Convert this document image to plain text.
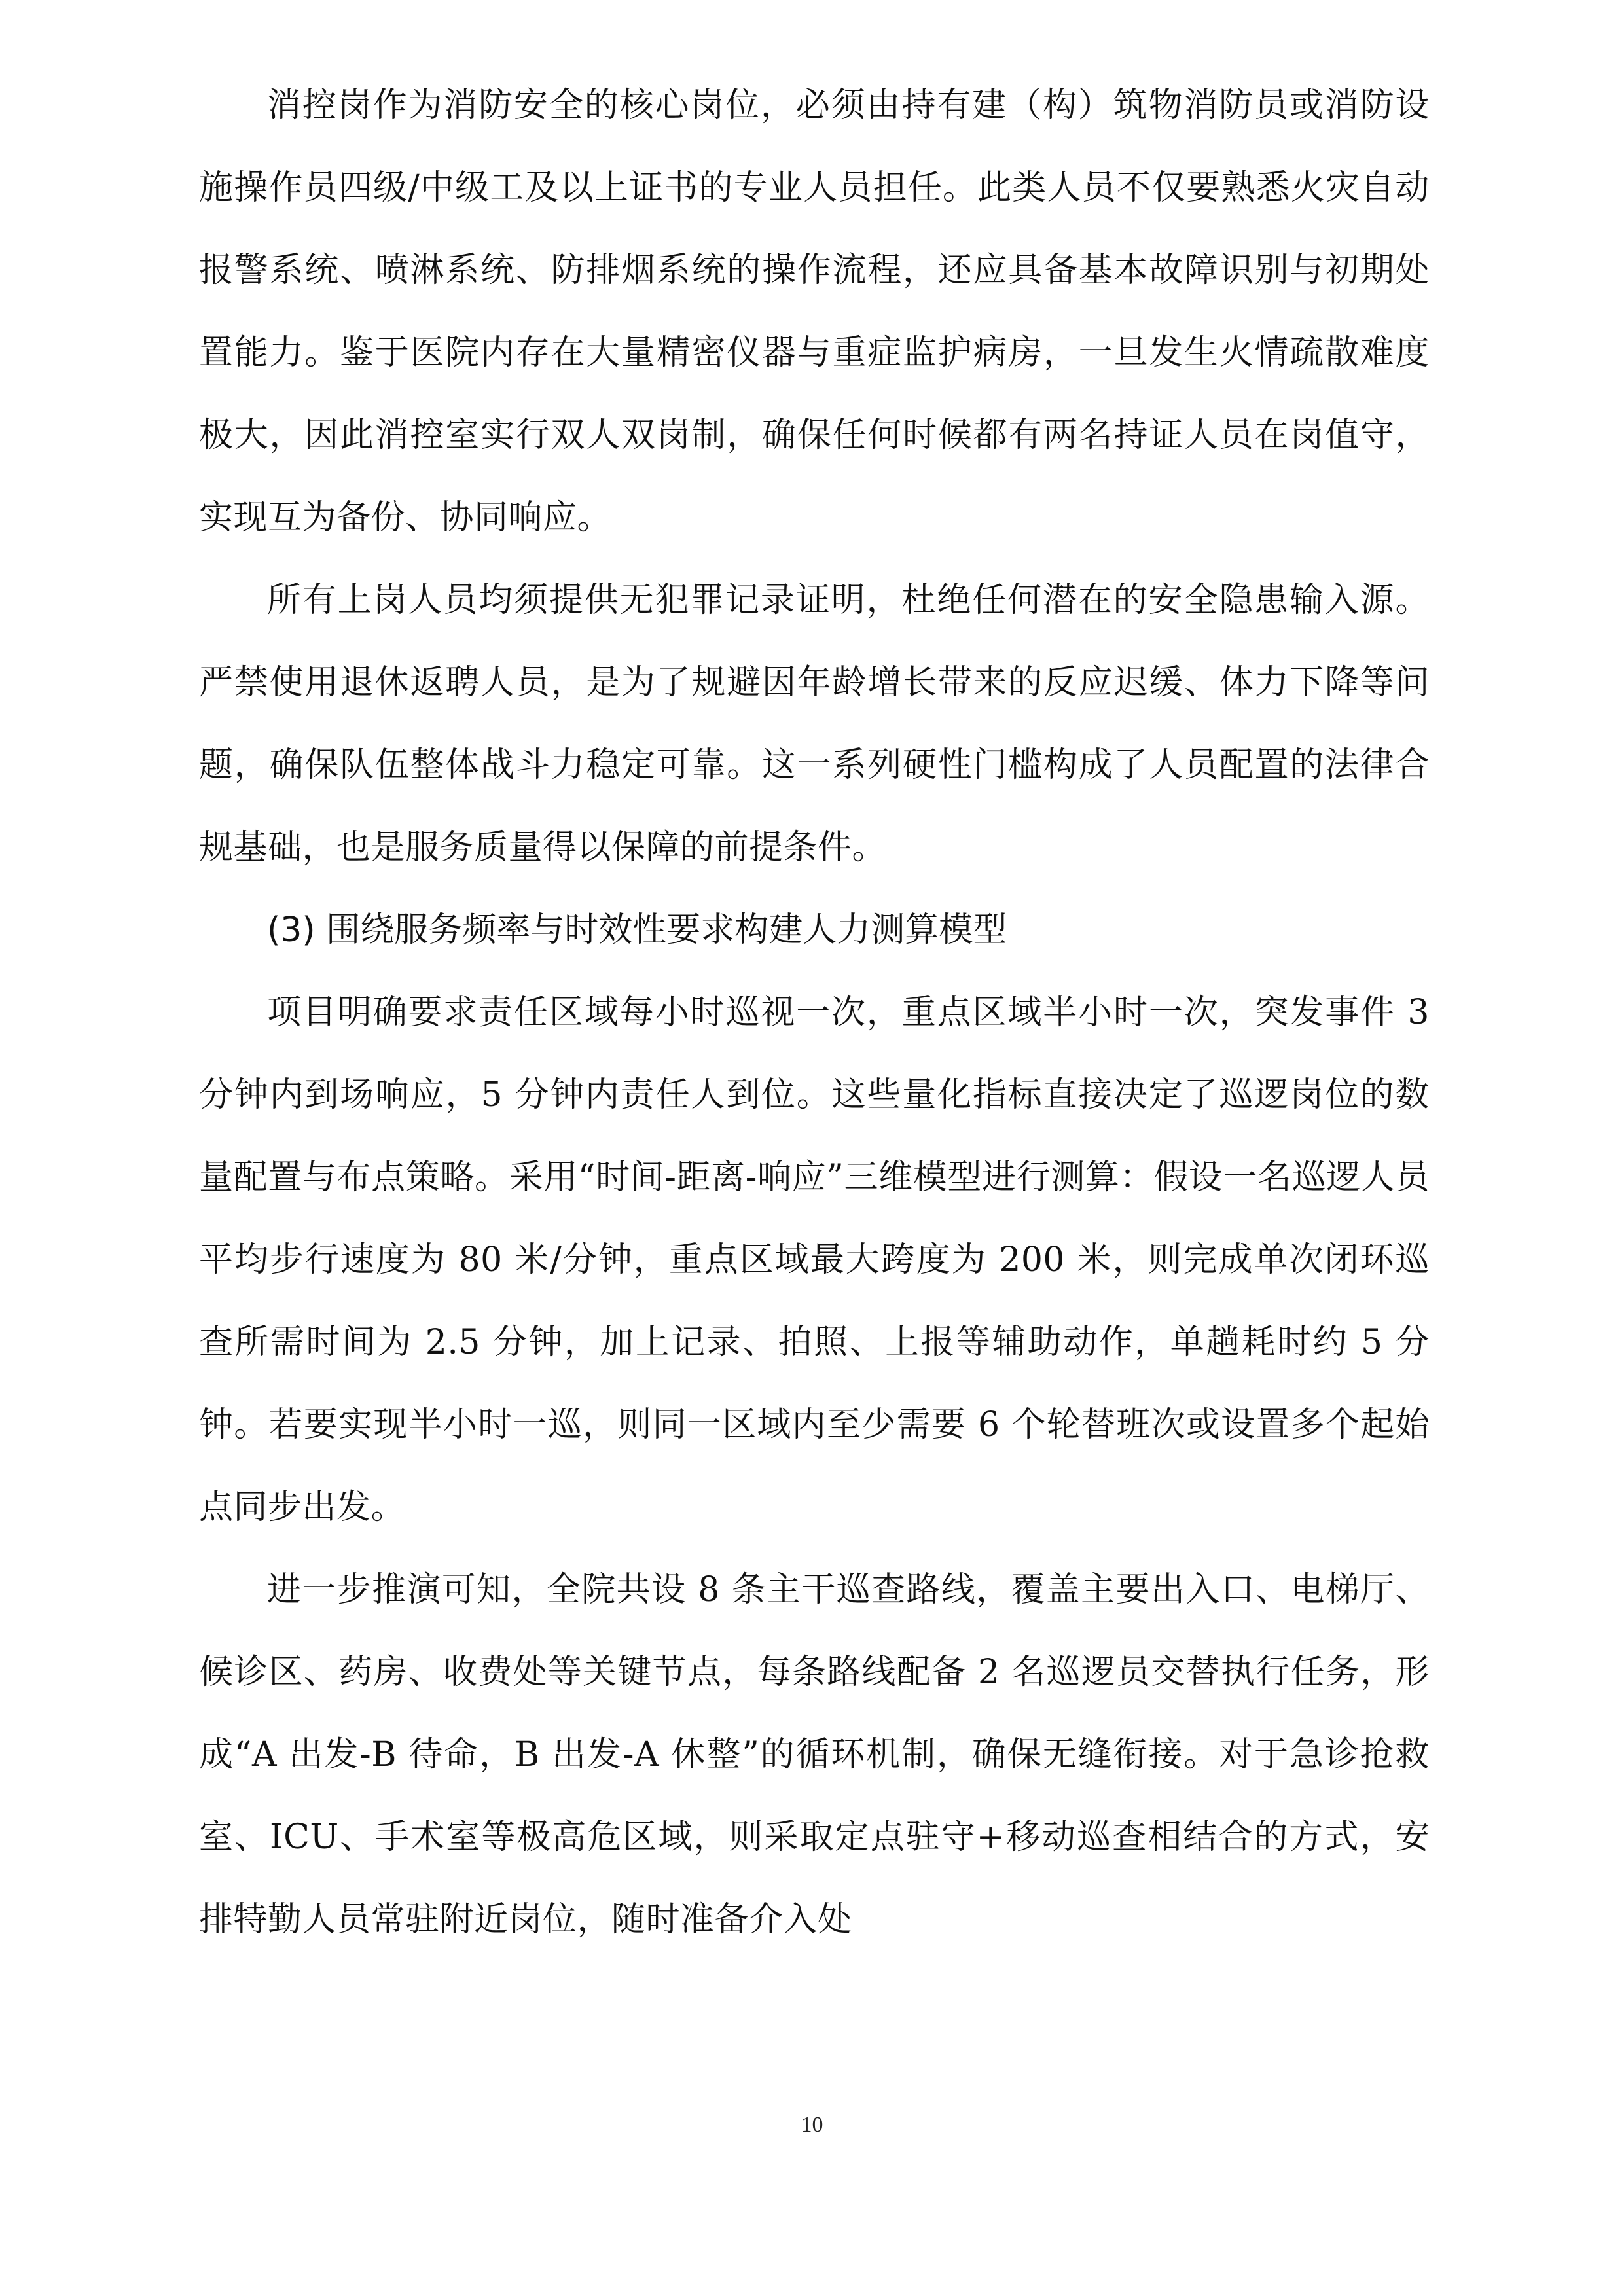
消控岗作为消防安全的核心岗位，必须由持有建（构）筑物消防员或消防设施操作员四级/中级工及以上证书的专业人员担任。此类人员不仅要熟悉火灾自动报警系统、喷淋系统、防排烟系统的操作流程，还应具备基本故障识别与初期处置能力。鉴于医院内存在大量精密仪器与重症监护病房，一旦发生火情疏散难度极大，因此消控室实行双人双岗制，确保任何时候都有两名持证人员在岗值守，实现互为备份、协同响应。

所有上岗人员均须提供无犯罪记录证明，杜绝任何潜在的安全隐患输入源。严禁使用退休返聘人员，是为了规避因年龄增长带来的反应迟缓、体力下降等问题，确保队伍整体战斗力稳定可靠。这一系列硬性门槛构成了人员配置的法律合规基础，也是服务质量得以保障的前提条件。

(3) 围绕服务频率与时效性要求构建人力测算模型

项目明确要求责任区域每小时巡视一次，重点区域半小时一次，突发事件 3 分钟内到场响应，5 分钟内责任人到位。这些量化指标直接决定了巡逻岗位的数量配置与布点策略。采用“时间-距离-响应”三维模型进行测算：假设一名巡逻人员平均步行速度为 80 米/分钟，重点区域最大跨度为 200 米，则完成单次闭环巡查所需时间为 2.5 分钟，加上记录、拍照、上报等辅助动作，单趟耗时约 5 分钟。若要实现半小时一巡，则同一区域内至少需要 6 个轮替班次或设置多个起始点同步出发。

进一步推演可知，全院共设 8 条主干巡查路线，覆盖主要出入口、电梯厅、候诊区、药房、收费处等关键节点，每条路线配备 2 名巡逻员交替执行任务，形成“A 出发-B 待命，B 出发-A 休整”的循环机制，确保无缝衔接。对于急诊抢救室、ICU、手术室等极高危区域，则采取定点驻守+移动巡查相结合的方式，安排特勤人员常驻附近岗位，随时准备介入处

10
